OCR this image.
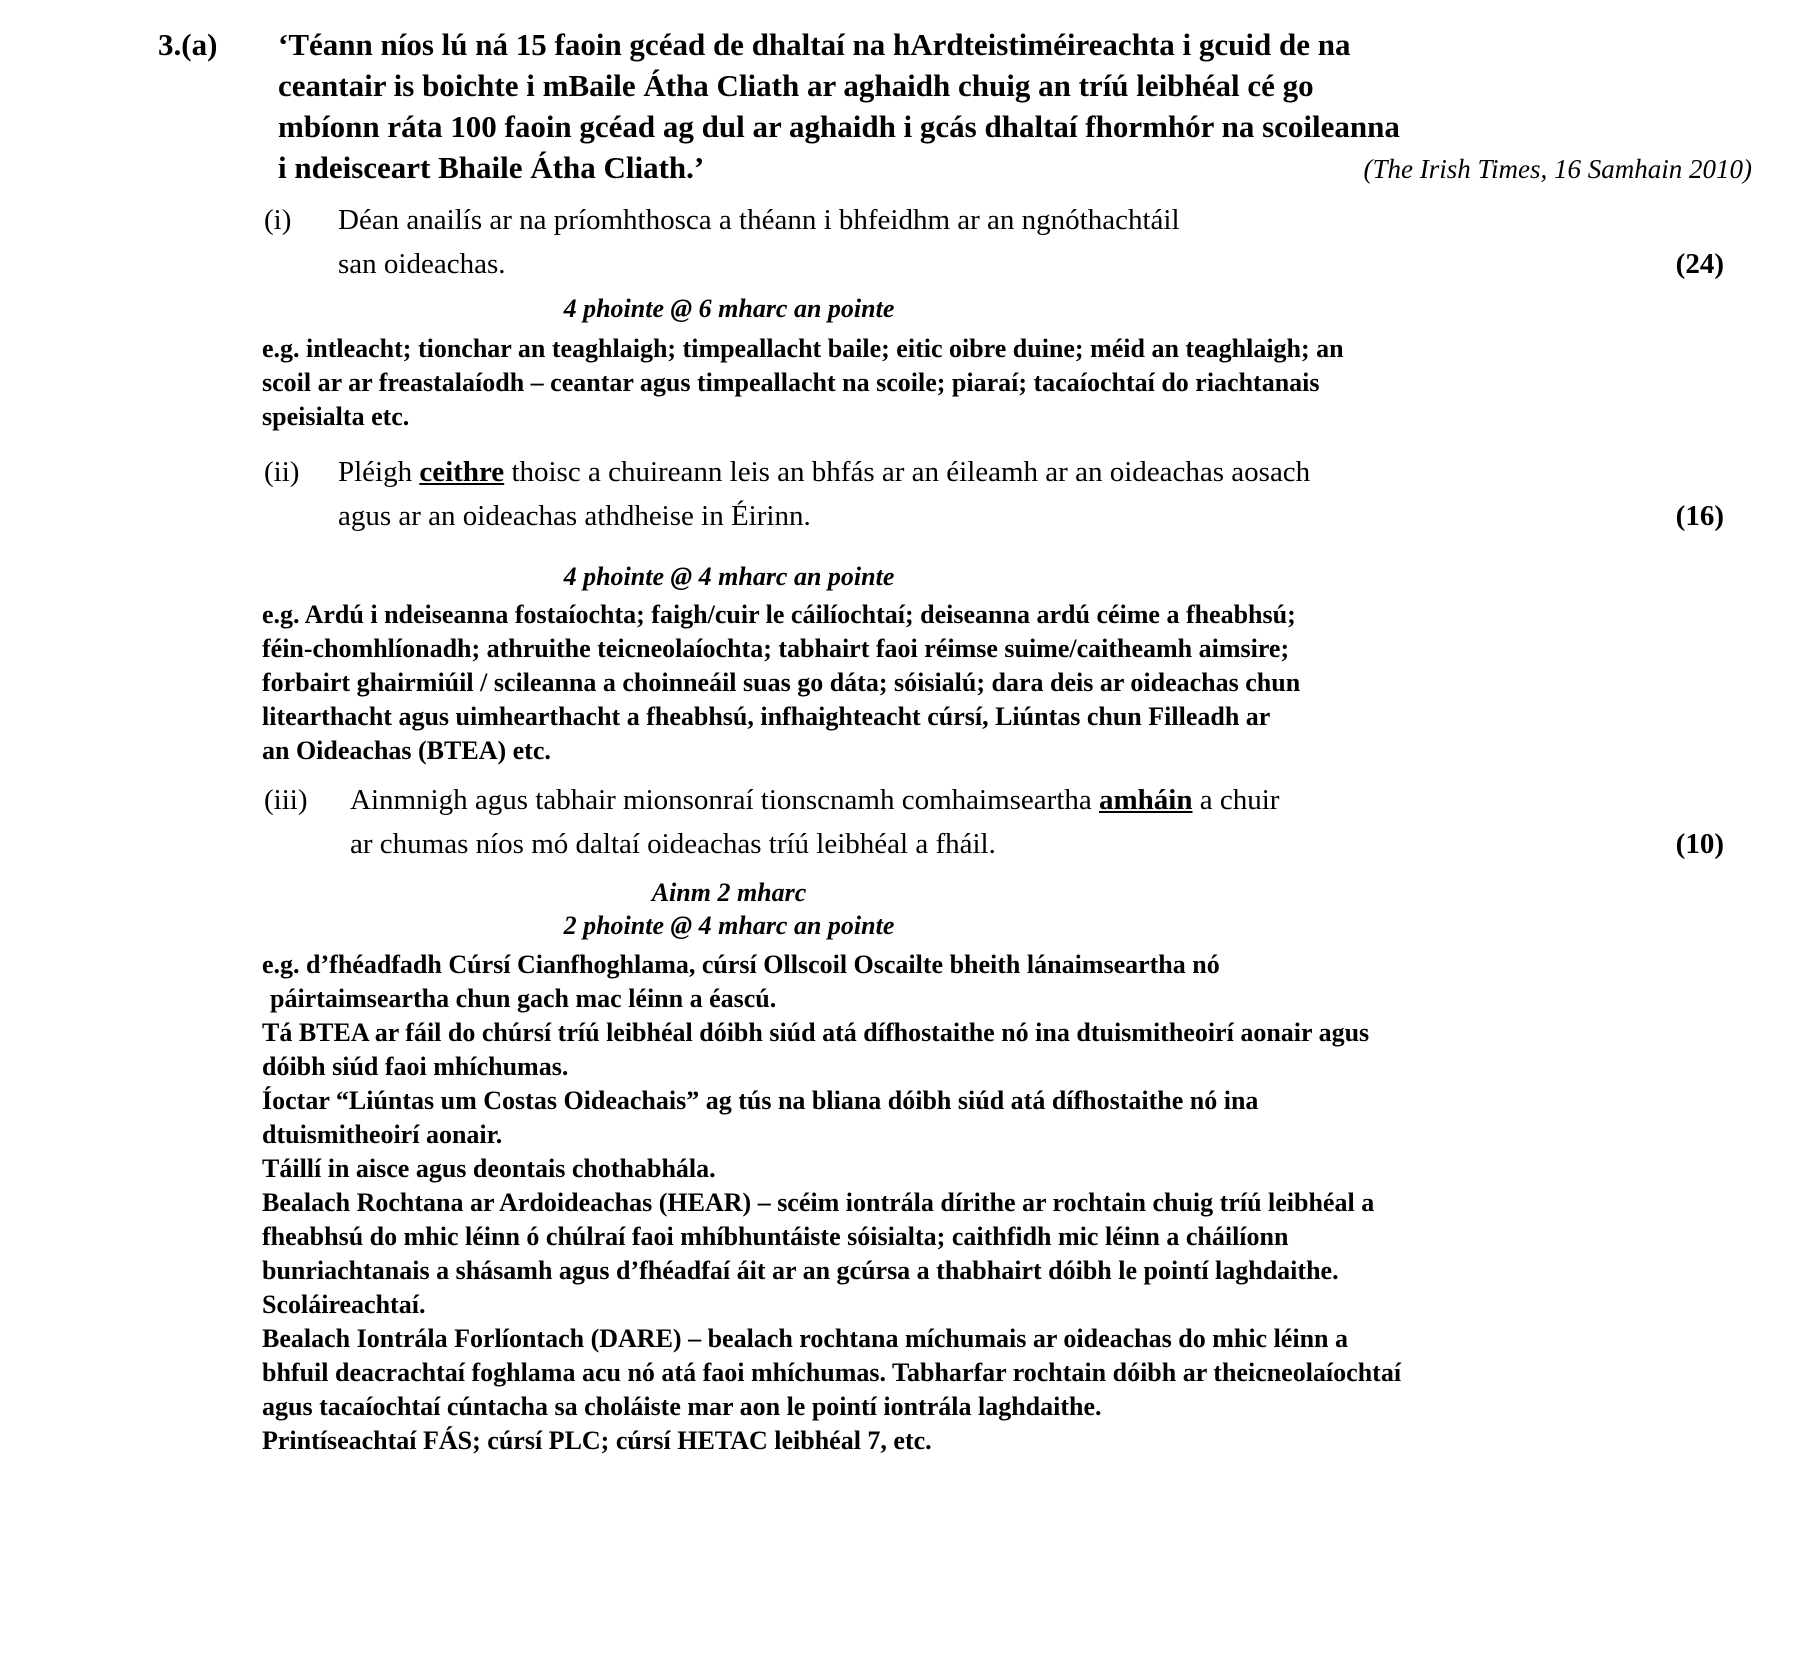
3.(a)	‘Téann níos lú ná 15 faoin gcéad de dhaltaí na hArdteistiméireachta i gcuid de na
ceantair is boichte i mBaile Átha Cliath ar aghaidh chuig an tríú leibhéal cé go
mbíonn ráta 100 faoin gcéad ag dul ar aghaidh i gcás dhaltaí fhormhór na scoileanna
i ndeisceart Bhaile Átha Cliath.’	(The Irish Times, 16 Samhain 2010)
(i)	Déan anailís ar na príomhthosca a théann i bhfeidhm ar an ngnóthachtáil
san oideachas.	(24)
4 phointe @ 6 mharc an pointe
e.g. intleacht; tionchar an teaghlaigh; timpeallacht baile; eitic oibre duine; méid an teaghlaigh; an
scoil ar ar freastalaíodh – ceantar agus timpeallacht na scoile; piaraí; tacaíochtaí do riachtanais
speisialta etc.
(ii)	Pléigh ceithre thoisc a chuireann leis an bhfás ar an éileamh ar an oideachas aosach
agus ar an oideachas athdheise in Éirinn.	(16)
4 phointe @ 4 mharc an pointe
e.g. Ardú i ndeiseanna fostaíochta; faigh/cuir le cáilíochtaí; deiseanna ardú céime a fheabhsú;
féin-chomhlíonadh; athruithe teicneolaíochta; tabhairt faoi réimse suime/caitheamh aimsire;
forbairt ghairmiúil / scileanna a choinneáil suas go dáta; sóisialú; dara deis ar oideachas chun
litearthacht agus uimhearthacht a fheabhsú, infhaighteacht cúrsí, Liúntas chun Filleadh ar
an Oideachas (BTEA) etc.
(iii)	Ainmnigh agus tabhair mionsonraí tionscnamh comhaimseartha amháin a chuir
ar chumas níos mó daltaí oideachas tríú leibhéal a fháil.	(10)
Ainm 2 mharc
2 phointe @ 4 mharc an pointe
e.g. d’fhéadfadh Cúrsí Cianfhoghlama, cúrsí Ollscoil Oscailte bheith lánaimseartha nó
páirtaimseartha chun gach mac léinn a éascú.
Tá BTEA ar fáil do chúrsí tríú leibhéal dóibh siúd atá dífhostaithe nó ina dtuismitheoirí aonair agus
dóibh siúd faoi mhíchumas.
Íoctar “Liúntas um Costas Oideachais” ag tús na bliana dóibh siúd atá dífhostaithe nó ina
dtuismitheoirí aonair.
Táillí in aisce agus deontais chothabhála.
Bealach Rochtana ar Ardoideachas (HEAR) – scéim iontrála dírithe ar rochtain chuig tríú leibhéal a
fheabhsú do mhic léinn ó chúlraí faoi mhíbhuntáiste sóisialta; caithfidh mic léinn a cháilíonn
bunriachtanais a shásamh agus d’fhéadfaí áit ar an gcúrsa a thabhairt dóibh le pointí laghdaithe.
Scoláireachtaí.
Bealach Iontrála Forlíontach (DARE) – bealach rochtana míchumais ar oideachas do mhic léinn a
bhfuil deacrachtaí foghlama acu nó atá faoi mhíchumas. Tabharfar rochtain dóibh ar theicneolaíochtaí
agus tacaíochtaí cúntacha sa choláiste mar aon le pointí iontrála laghdaithe.
Printíseachtaí FÁS; cúrsí PLC; cúrsí HETAC leibhéal 7, etc.
